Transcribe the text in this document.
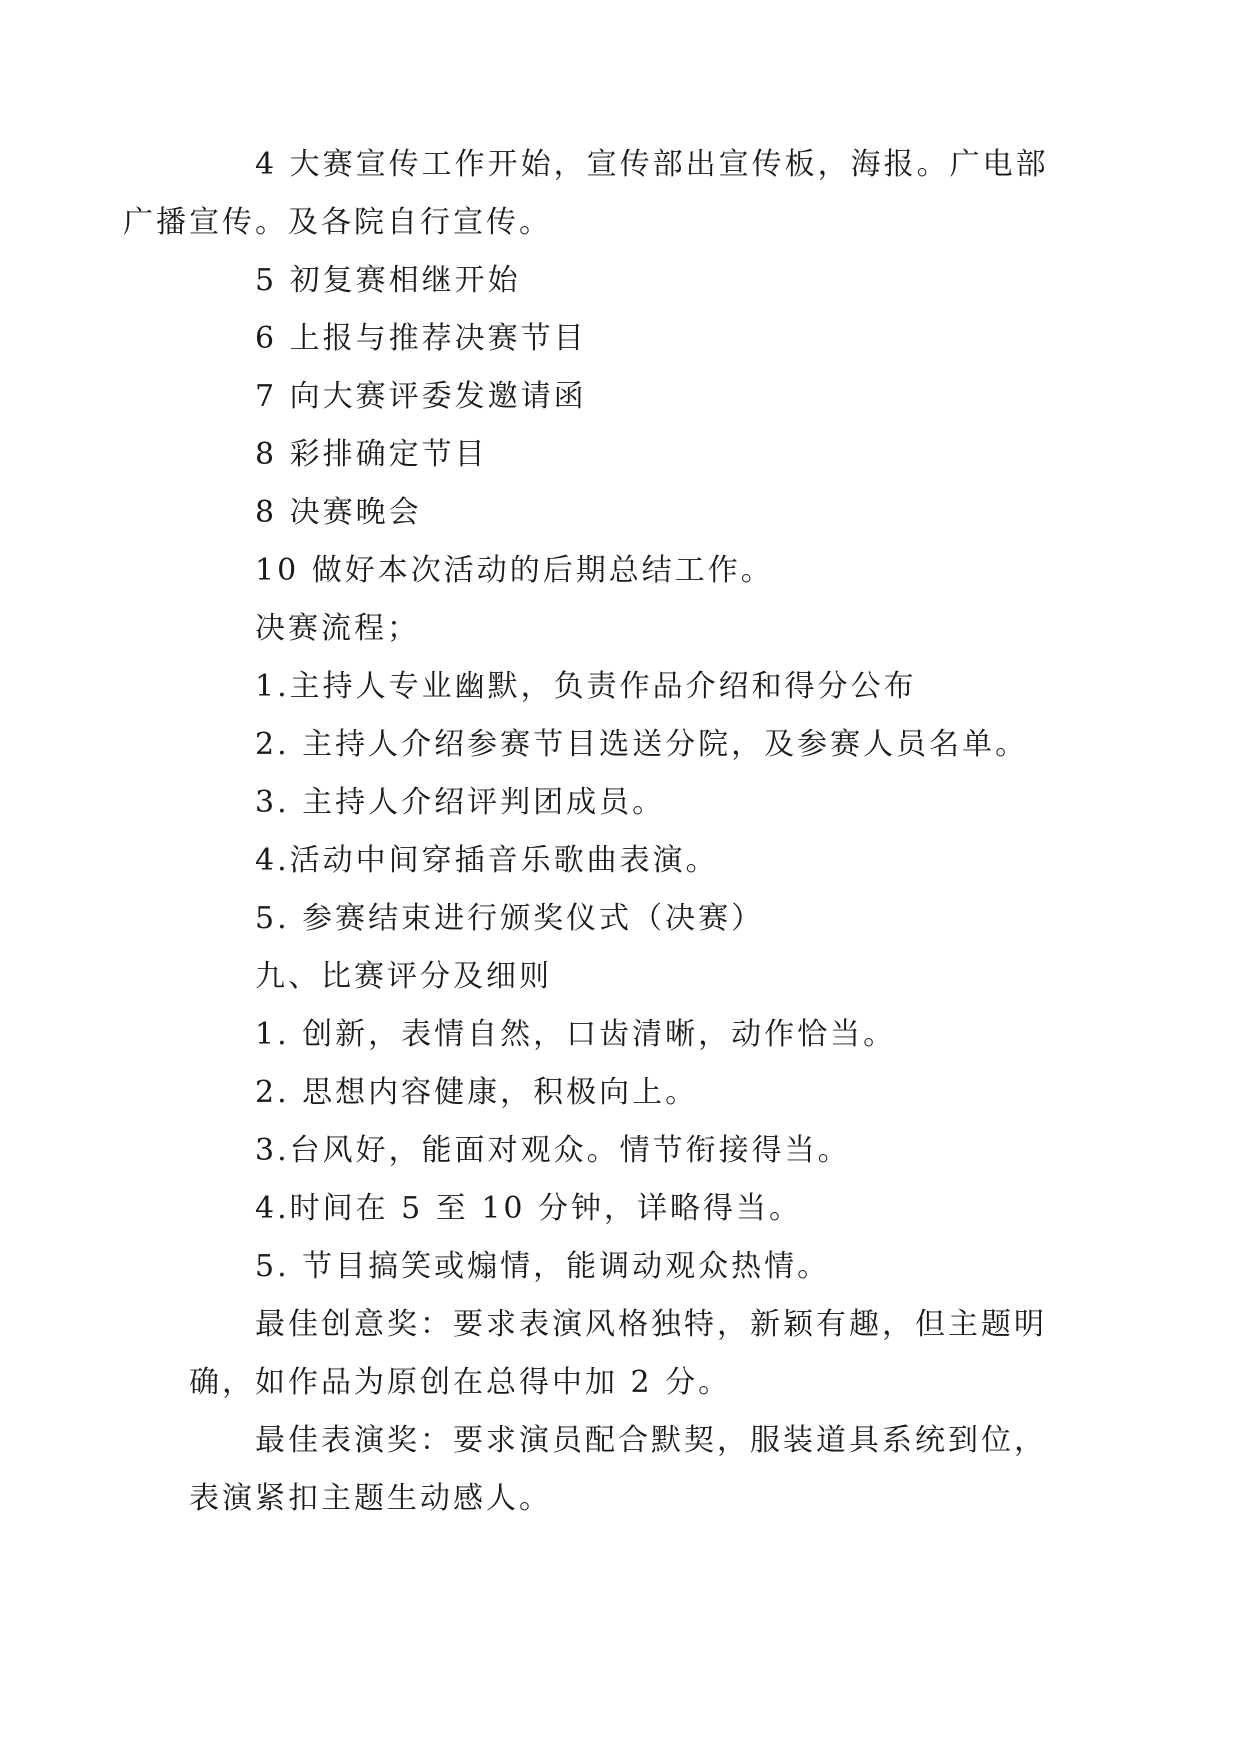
4 大赛宣传工作开始，宣传部出宣传板，海报。广电部
广播宣传。及各院自行宣传。

5 初复赛相继开始

6 上报与推荐决赛节目

7 向大赛评委发邀请函

8 彩排确定节目

8 决赛晚会

10 做好本次活动的后期总结工作。

决赛流程；

1.主持人专业幽默，负责作品介绍和得分公布

2. 主持人介绍参赛节目选送分院，及参赛人员名单。

3. 主持人介绍评判团成员。

4.活动中间穿插音乐歌曲表演。

5. 参赛结束进行颁奖仪式（决赛）

九、比赛评分及细则

1. 创新，表情自然，口齿清晰，动作恰当。

2. 思想内容健康，积极向上。

3.台风好，能面对观众。情节衔接得当。

4.时间在 5 至 10 分钟，详略得当。

5. 节目搞笑或煽情，能调动观众热情。

最佳创意奖：要求表演风格独特，新颖有趣，但主题明
确，如作品为原创在总得中加 2 分。

最佳表演奖：要求演员配合默契，服装道具系统到位，
表演紧扣主题生动感人。
